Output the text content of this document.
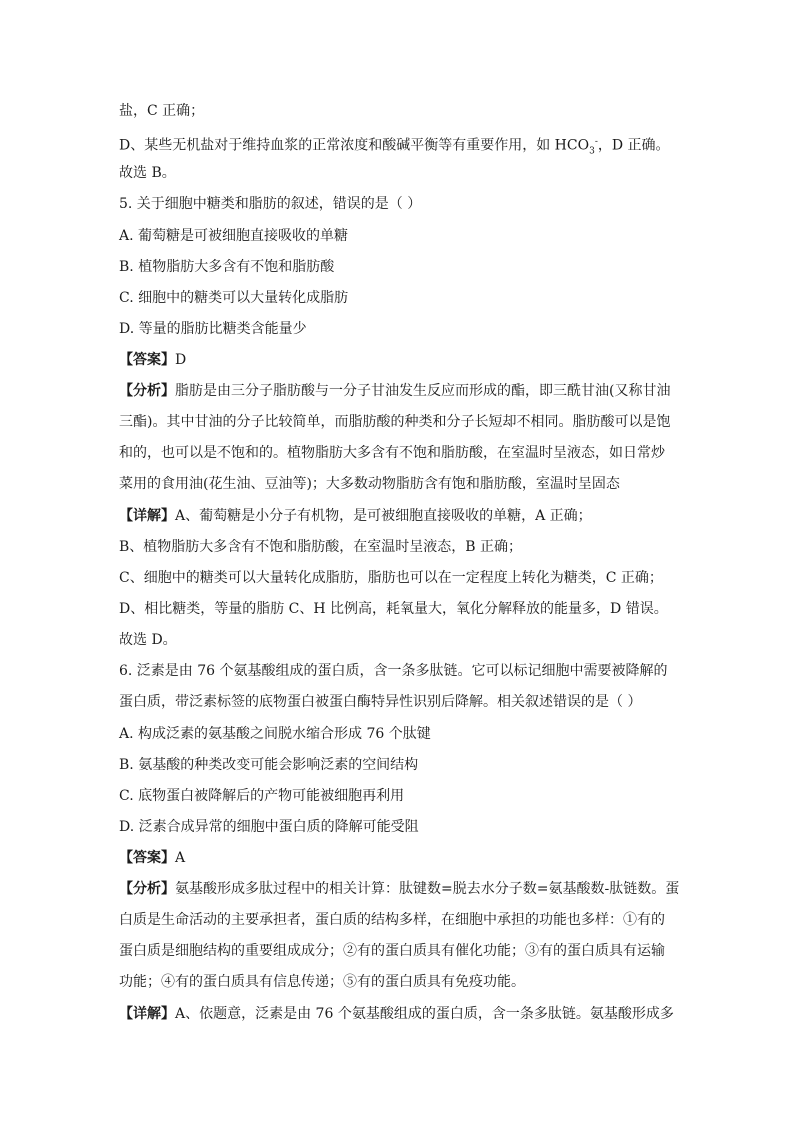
盐，C 正确；
D、某些无机盐对于维持血浆的正常浓度和酸碱平衡等有重要作用，如 $HCO_3^-$，D 正确。
故选 B。
5. 关于细胞中糖类和脂肪的叙述，错误的是（ ）
A. 葡萄糖是可被细胞直接吸收的单糖
B. 植物脂肪大多含有不饱和脂肪酸
C. 细胞中的糖类可以大量转化成脂肪
D. 等量的脂肪比糖类含能量少
【答案】D
【分析】脂肪是由三分子脂肪酸与一分子甘油发生反应而形成的酯，即三酰甘油(又称甘油
三酯)。其中甘油的分子比较简单，而脂肪酸的种类和分子长短却不相同。脂肪酸可以是饱
和的，也可以是不饱和的。植物脂肪大多含有不饱和脂肪酸，在室温时呈液态，如日常炒
菜用的食用油(花生油、豆油等)；大多数动物脂肪含有饱和脂肪酸，室温时呈固态
【详解】A、葡萄糖是小分子有机物，是可被细胞直接吸收的单糖，A 正确；
B、植物脂肪大多含有不饱和脂肪酸，在室温时呈液态，B 正确；
C、细胞中的糖类可以大量转化成脂肪，脂肪也可以在一定程度上转化为糖类，C 正确；
D、相比糖类，等量的脂肪 C、H 比例高，耗氧量大，氧化分解释放的能量多，D 错误。
故选 D。
6. 泛素是由 76 个氨基酸组成的蛋白质，含一条多肽链。它可以标记细胞中需要被降解的
蛋白质，带泛素标签的底物蛋白被蛋白酶特异性识别后降解。相关叙述错误的是（ ）
A. 构成泛素的氨基酸之间脱水缩合形成 76 个肽键
B. 氨基酸的种类改变可能会影响泛素的空间结构
C. 底物蛋白被降解后的产物可能被细胞再利用
D. 泛素合成异常的细胞中蛋白质的降解可能受阻
【答案】A
【分析】氨基酸形成多肽过程中的相关计算：肽键数=脱去水分子数=氨基酸数-肽链数。蛋
白质是生命活动的主要承担者，蛋白质的结构多样，在细胞中承担的功能也多样：①有的
蛋白质是细胞结构的重要组成成分；②有的蛋白质具有催化功能；③有的蛋白质具有运输
功能；④有的蛋白质具有信息传递；⑤有的蛋白质具有免疫功能。
【详解】A、依题意，泛素是由 76 个氨基酸组成的蛋白质，含一条多肽链。氨基酸形成多
